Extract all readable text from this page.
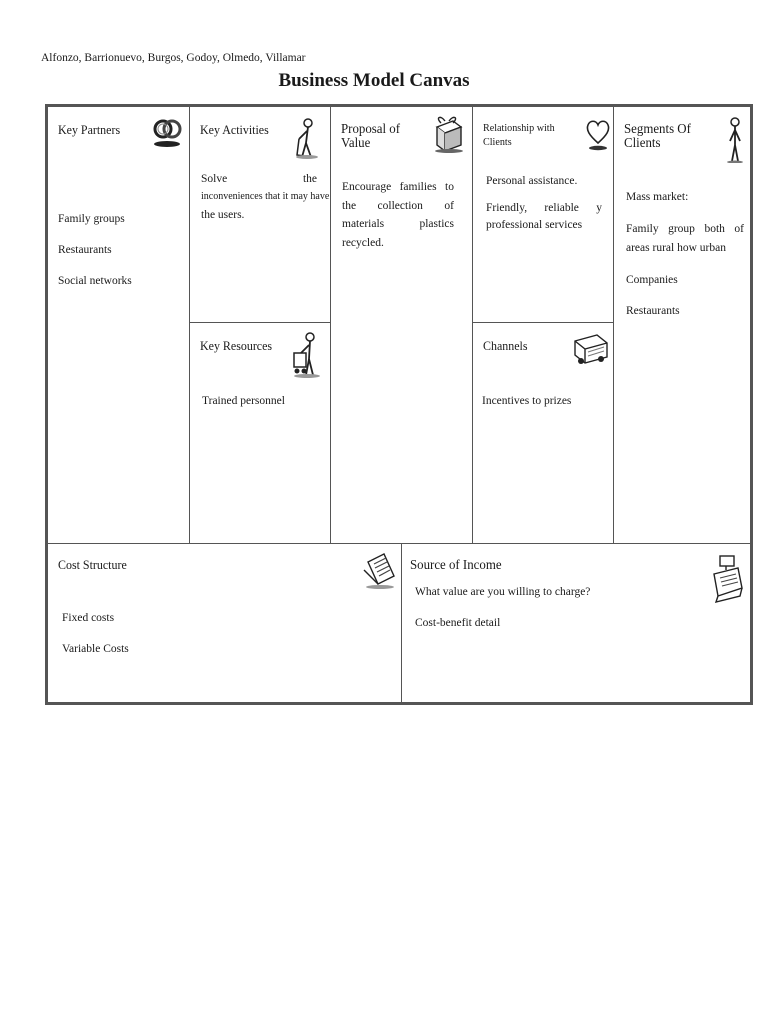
Alfonzo, Barrionuevo, Burgos, Godoy, Olmedo, Villamar
Business Model Canvas
Key Partners

Family groups

Restaurants

Social networks

Key Activities
Solve the
inconveniences that it may have
the users.
Key Resources

Trained personnel

Proposal of Value
Encourage families to the collection of materials plastics recycled.
Relationship with Clients

Personal assistance.

Friendly, reliable y professional services

Channels

Incentives to prizes

Segments Of Clients

Mass market:

Family group both of areas rural how urban

Companies

Restaurants

Cost Structure

Fixed costs

Variable Costs

Source of Income

What value are you willing to charge?

Cost-benefit detail
